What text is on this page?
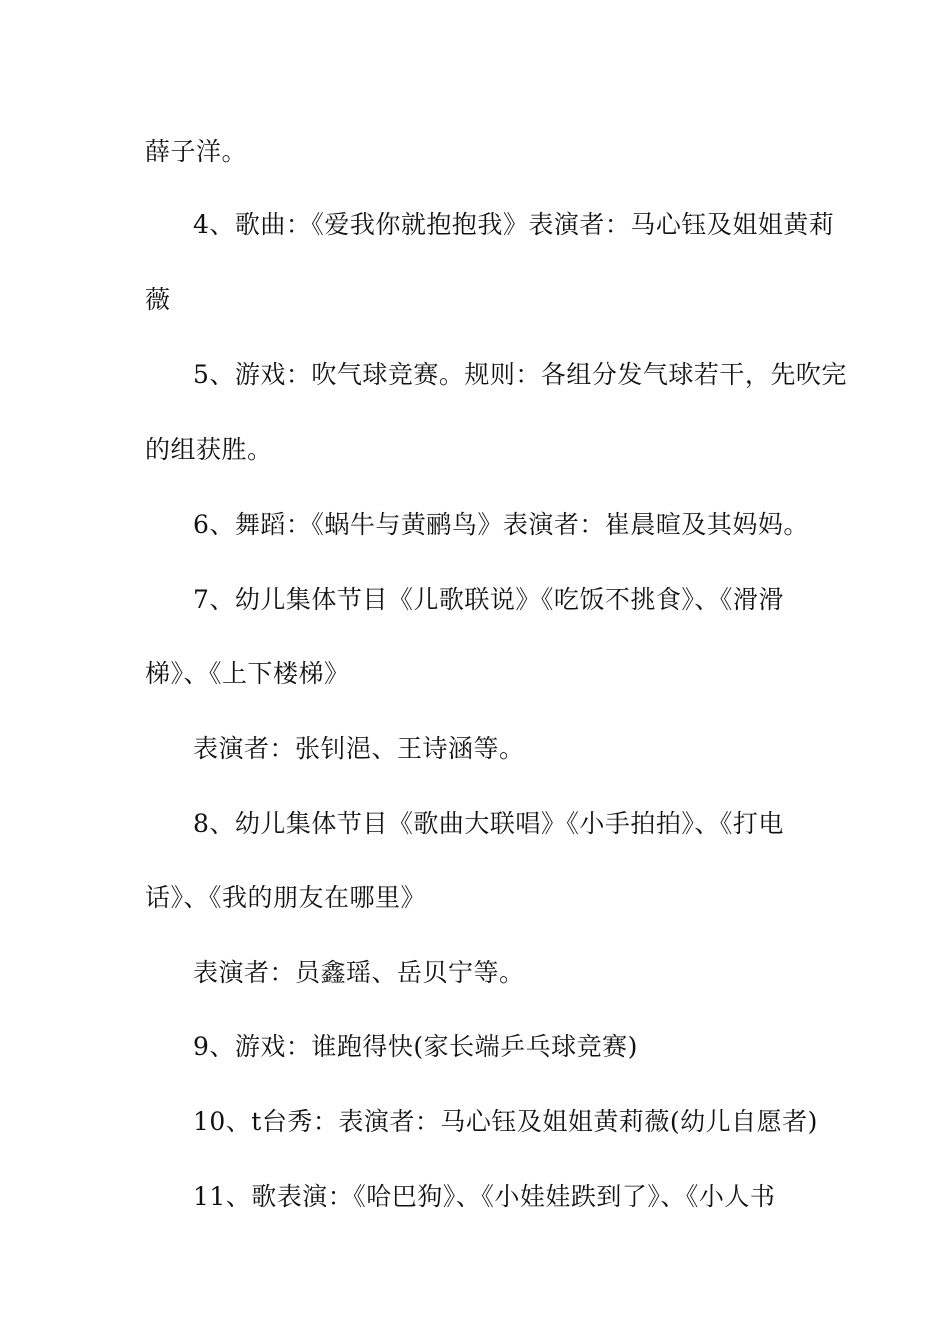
薛子洋。
4、歌曲：《爱我你就抱抱我》表演者：马心钰及姐姐黄莉
薇
5、游戏：吹气球竞赛。规则：各组分发气球若干，先吹完
的组获胜。
6、舞蹈：《蜗牛与黄鹂鸟》表演者：崔晨暄及其妈妈。
7、幼儿集体节目《儿歌联说》《吃饭不挑食》、《滑滑
梯》、《上下楼梯》
表演者：张钊浥、王诗涵等。
8、幼儿集体节目《歌曲大联唱》《小手拍拍》、《打电
话》、《我的朋友在哪里》
表演者：员鑫瑶、岳贝宁等。
9、游戏：谁跑得快(家长端乒乓球竞赛)
10、t台秀：表演者：马心钰及姐姐黄莉薇(幼儿自愿者)
11、歌表演：《哈巴狗》、《小娃娃跌到了》、《小人书
